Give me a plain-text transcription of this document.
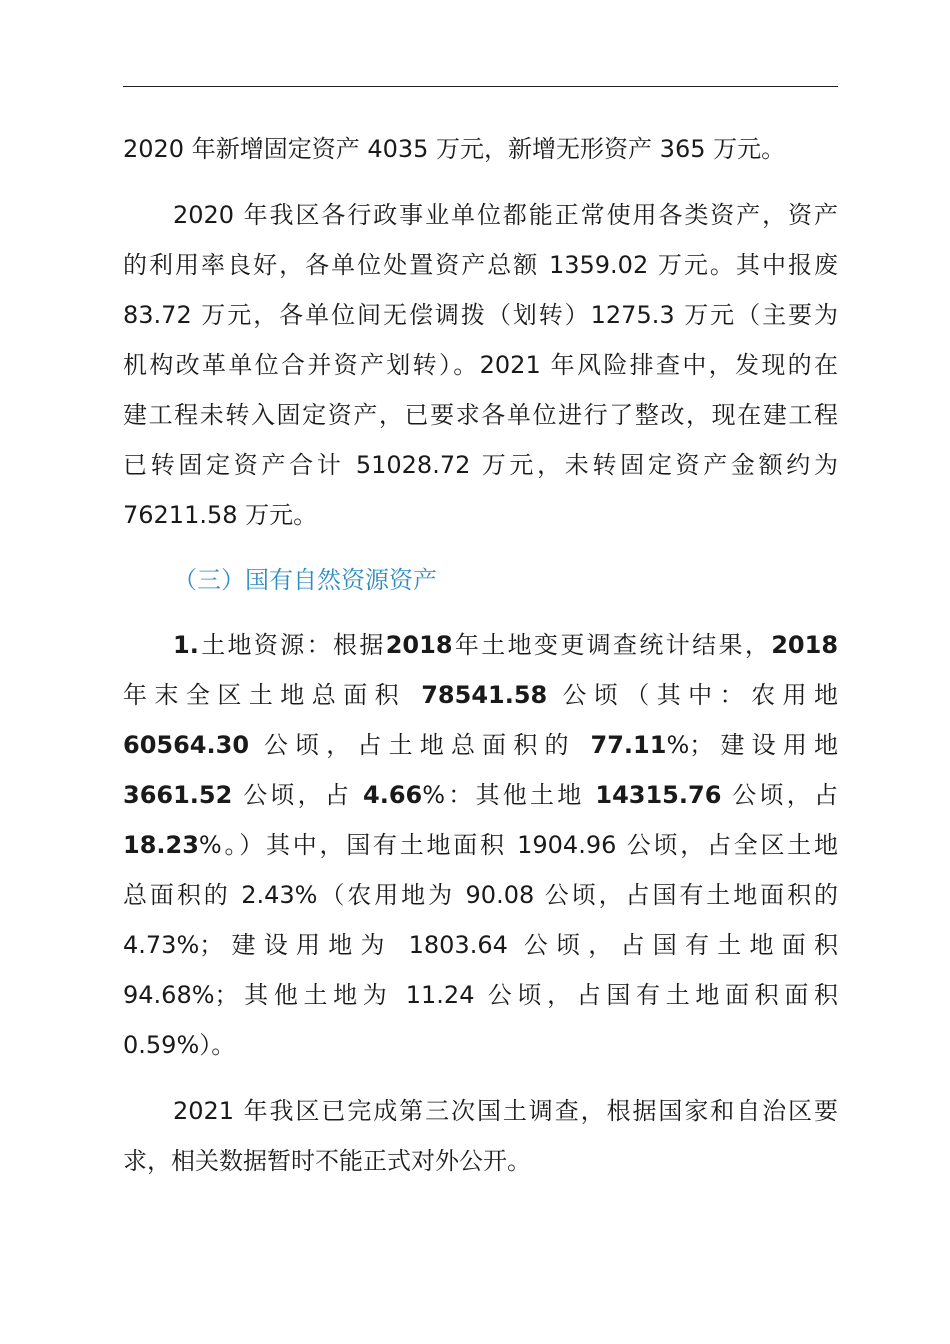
2020 年新增固定资产 4035 万元，新增无形资产 365 万元。

2020 年我区各行政事业单位都能正常使用各类资产，资产

的利用率良好，各单位处置资产总额 1359.02 万元。其中报废

83.72 万元，各单位间无偿调拨（划转）1275.3 万元（主要为

机构改革单位合并资产划转）。2021 年风险排查中，发现的在

建工程未转入固定资产，已要求各单位进行了整改，现在建工程

已转固定资产合计 51028.72 万元，未转固定资产金额约为

76211.58 万元。

（三）国有自然资源资产

1.土地资源：根据2018年土地变更调查统计结果，2018

年末全区土地总面积 78541.58 公顷（其中：农用地

60564.30 公顷，占土地总面积的 77.11%；建设用地

3661.52 公顷，占 4.66%：其他土地 14315.76 公顷，占

18.23%。）其中，国有土地面积 1904.96 公顷，占全区土地

总面积的 2.43%（农用地为 90.08 公顷，占国有土地面积的

4.73%；建设用地为 1803.64 公顷，占国有土地面积

94.68%；其他土地为 11.24 公顷，占国有土地面积面积

0.59%）。

2021 年我区已完成第三次国土调查，根据国家和自治区要

求，相关数据暂时不能正式对外公开。
